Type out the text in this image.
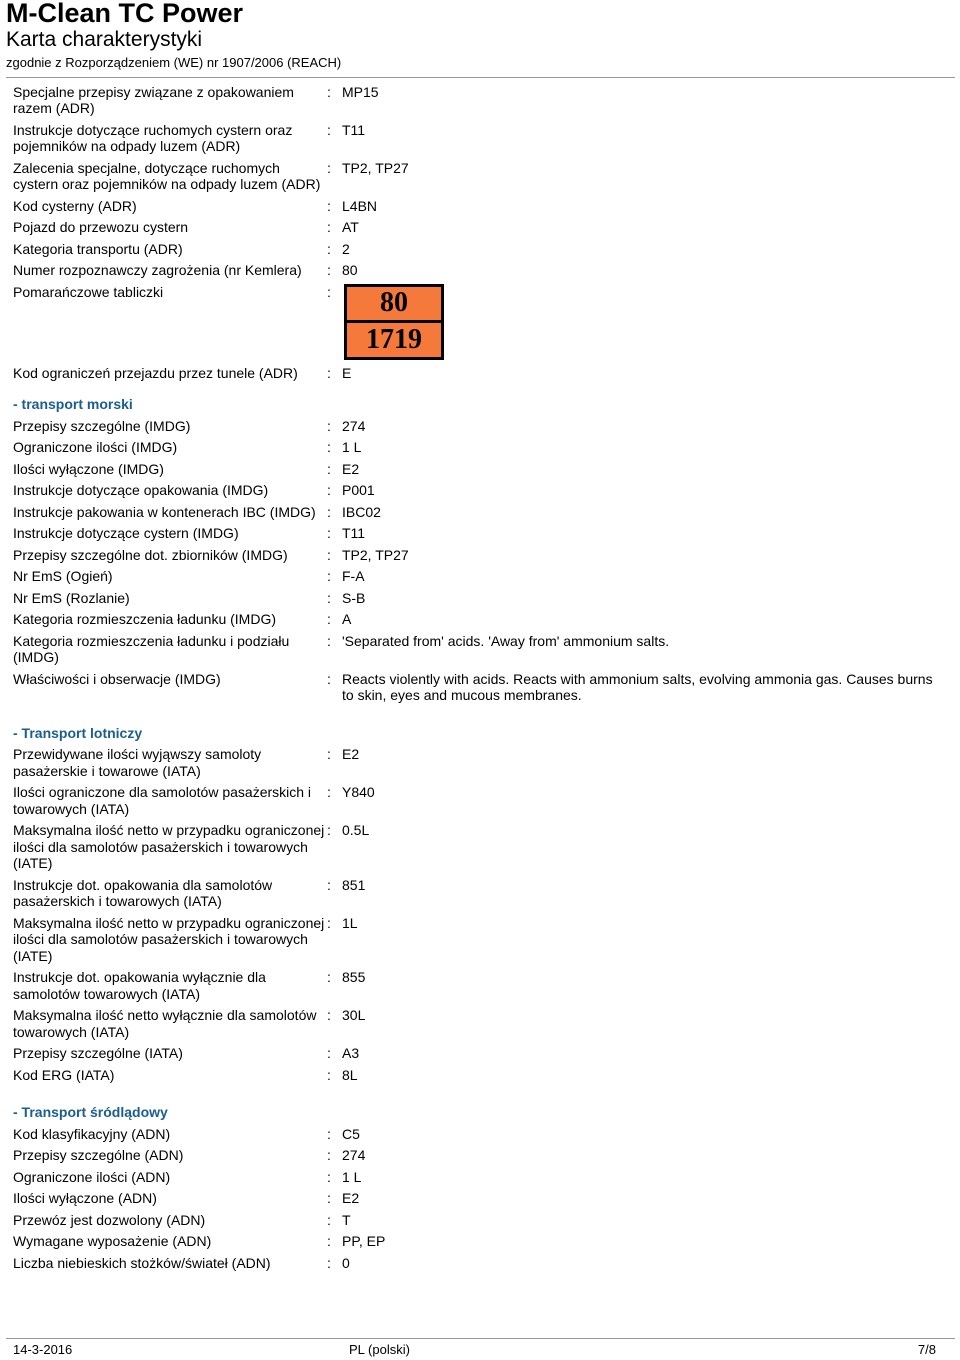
M-Clean TC Power
Karta charakterystyki
zgodnie z Rozporządzeniem (WE) nr 1907/2006 (REACH)
Specjalne przepisy związane z opakowaniem razem (ADR)
: MP15
Instrukcje dotyczące ruchomych cystern oraz pojemników na odpady luzem (ADR)
: T11
Zalecenia specjalne, dotyczące ruchomych cystern oraz pojemników na odpady luzem (ADR)
: TP2, TP27
Kod cysterny (ADR)	: L4BN
Pojazd do przewozu cystern	: AT
Kategoria transportu (ADR)	: 2
Numer rozpoznawczy zagrożenia (nr Kemlera)	: 80
Pomarańczowe tabliczki	:	80
1719
Kod ograniczeń przejazdu przez tunele (ADR)	: E
- transport morski
Przepisy szczególne (IMDG)	: 274
Ograniczone ilości (IMDG)	: 1 L
Ilości wyłączone (IMDG)	: E2
Instrukcje dotyczące opakowania (IMDG)	: P001
Instrukcje pakowania w kontenerach IBC (IMDG) : IBC02
Instrukcje dotyczące cystern (IMDG)	: T11
Przepisy szczególne dot. zbiorników (IMDG)	: TP2, TP27
Nr EmS (Ogień)	: F-A
Nr EmS (Rozlanie)	: S-B
Kategoria rozmieszczenia ładunku (IMDG)	: A
Kategoria rozmieszczenia ładunku i podziału (IMDG)
: 'Separated from' acids. 'Away from' ammonium salts.
Właściwości i obserwacje (IMDG)	: Reacts violently with acids. Reacts with ammonium salts, evolving ammonia gas. Causes burns to skin, eyes and mucous membranes.
- Transport lotniczy
Przewidywane ilości wyjąwszy samoloty pasażerskie i towarowe (IATA)
: E2
Ilości ograniczone dla samolotów pasażerskich i towarowych (IATA)
: Y840
Maksymalna ilość netto w przypadku ograniczonej ilości dla samolotów pasażerskich i towarowych (IATE)
: 0.5L
Instrukcje dot. opakowania dla samolotów pasażerskich i towarowych (IATA)
: 851
Maksymalna ilość netto w przypadku ograniczonej ilości dla samolotów pasażerskich i towarowych (IATE)
: 1L
Instrukcje dot. opakowania wyłącznie dla samolotów towarowych (IATA)
: 855
Maksymalna ilość netto wyłącznie dla samolotów towarowych (IATA)
: 30L
Przepisy szczególne (IATA)	: A3
Kod ERG (IATA)	: 8L
- Transport śródlądowy
Kod klasyfikacyjny (ADN)	: C5
Przepisy szczególne (ADN)	: 274
Ograniczone ilości (ADN)	: 1 L
Ilości wyłączone (ADN)	: E2
Przewóz jest dozwolony (ADN)	: T
Wymagane wyposażenie (ADN)	: PP, EP
Liczba niebieskich stożków/świateł (ADN)	: 0
14-3-2016	PL (polski)	7/8
